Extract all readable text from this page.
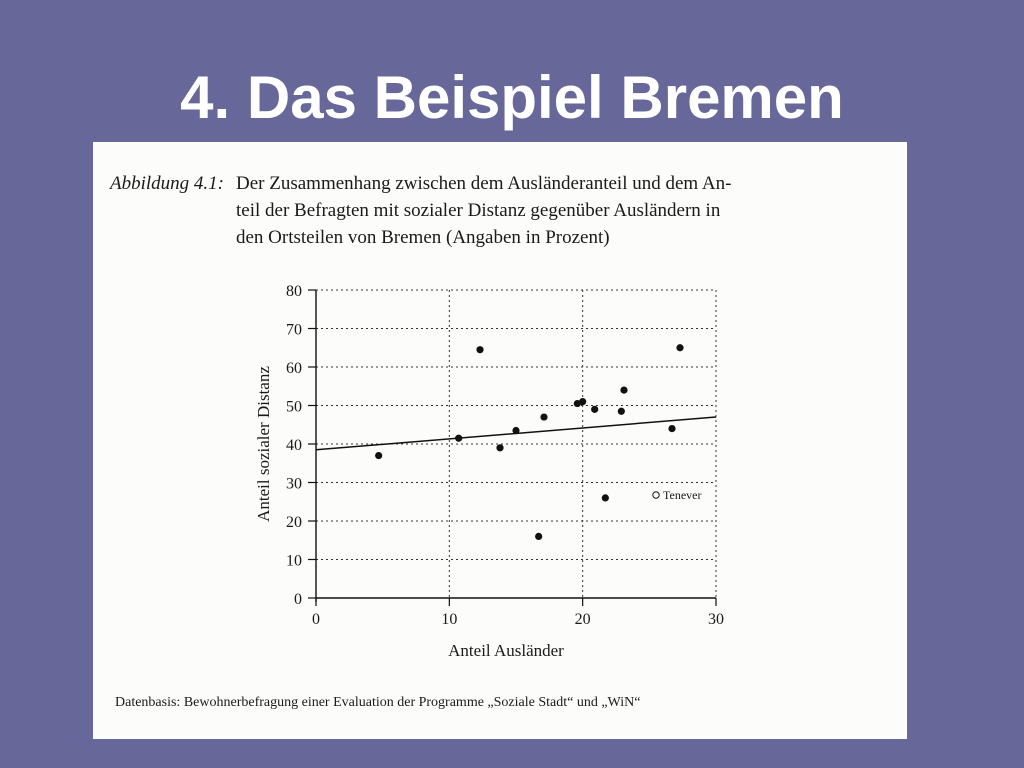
4. Das Beispiel Bremen
Abbildung 4.1: Der Zusammenhang zwischen dem Ausländeranteil und dem An-
teil der Befragten mit sozialer Distanz gegenüber Ausländern in
den Ortsteilen von Bremen (Angaben in Prozent)
0
10
20
30
40
50
60
70
80
0	10	20	30
Anteil Ausländer
Anteil sozialer Distanz	Tenever
Datenbasis: Bewohnerbefragung einer Evaluation der Programme „Soziale Stadt“ und „WiN“
